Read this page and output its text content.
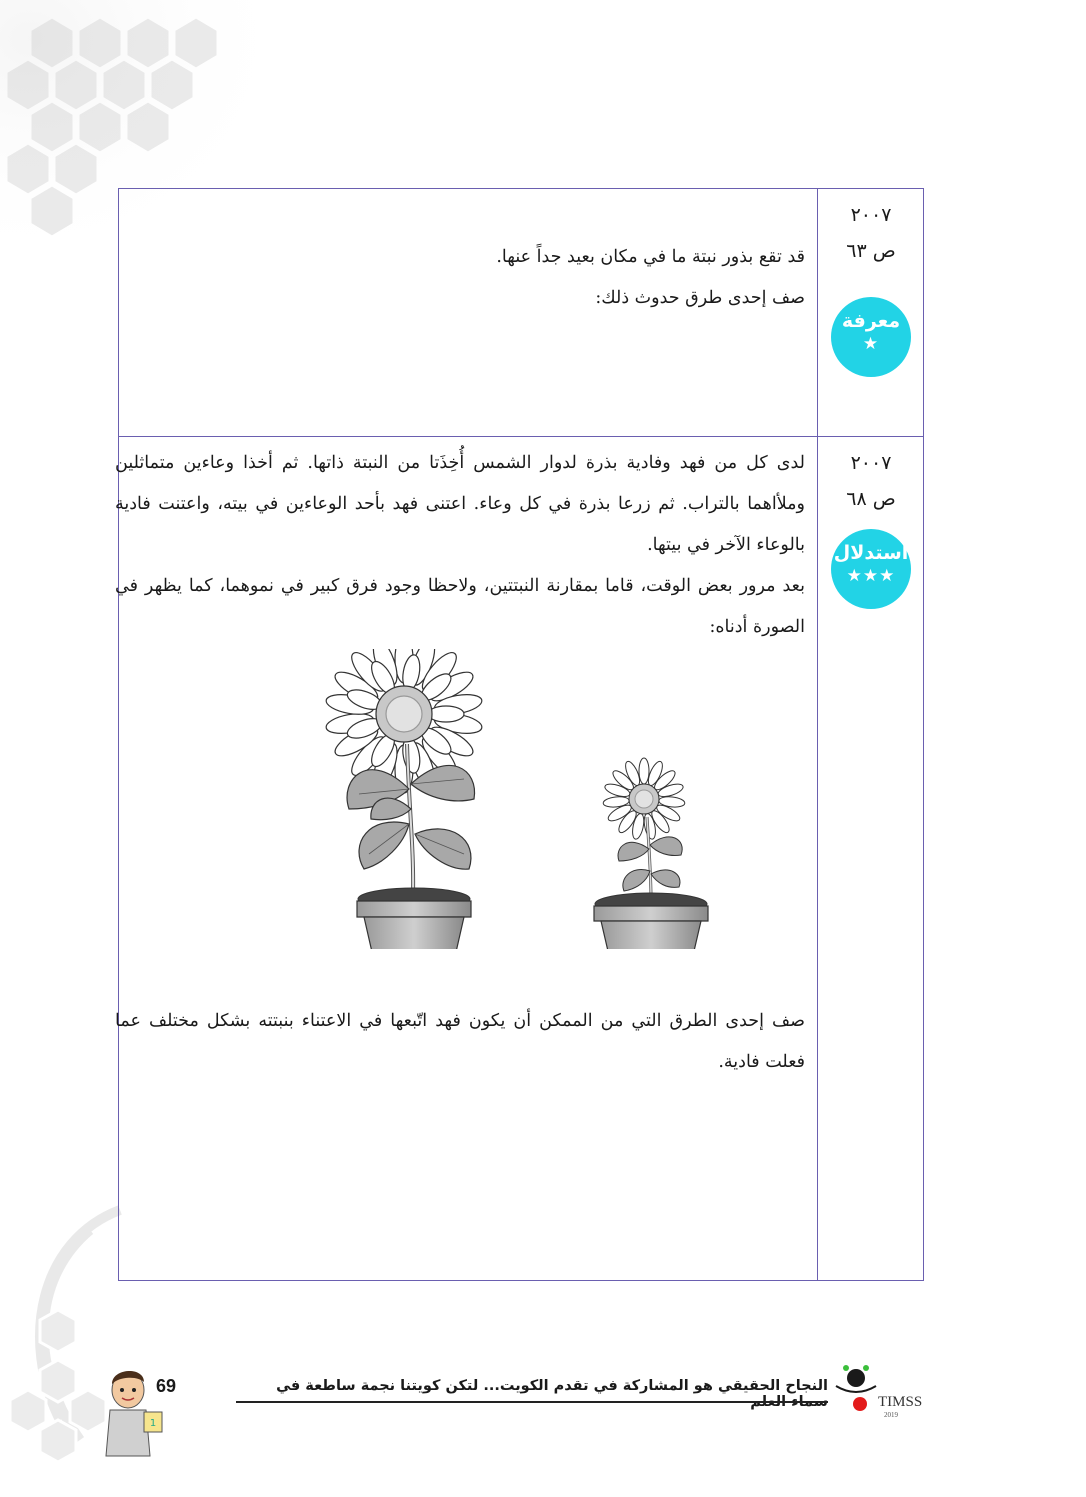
٢٠٠٧
ص ٦٣
معرفة
★

قد تقع بذور نبتة ما في مكان بعيد جداً عنها.

صف إحدى طرق حدوث ذلك:

٢٠٠٧
ص ٦٨
استدلال
★★★

لدى كل من فهد وفادية بذرة لدوار الشمس أُخِذَتا من النبتة ذاتها. ثم أخذا وعاءين متماثلين وملأاهما بالتراب. ثم زرعا بذرة في كل وعاء. اعتنى فهد بأحد الوعاءين في بيته، واعتنت فادية بالوعاء الآخر في بيتها.

بعد مرور بعض الوقت، قاما بمقارنة النبتتين، ولاحظا وجود فرق كبير في نموهما، كما يظهر في الصورة أدناه:

صف إحدى الطرق التي من الممكن أن يكون فهد اتّبعها في الاعتناء بنبتته بشكل مختلف عما فعلت فادية.

النجاح الحقيقي هو المشاركة في تقدم الكويت... لتكن كويتنا نجمة ساطعة في سماء العلم
69
1
TIMSS
2019
